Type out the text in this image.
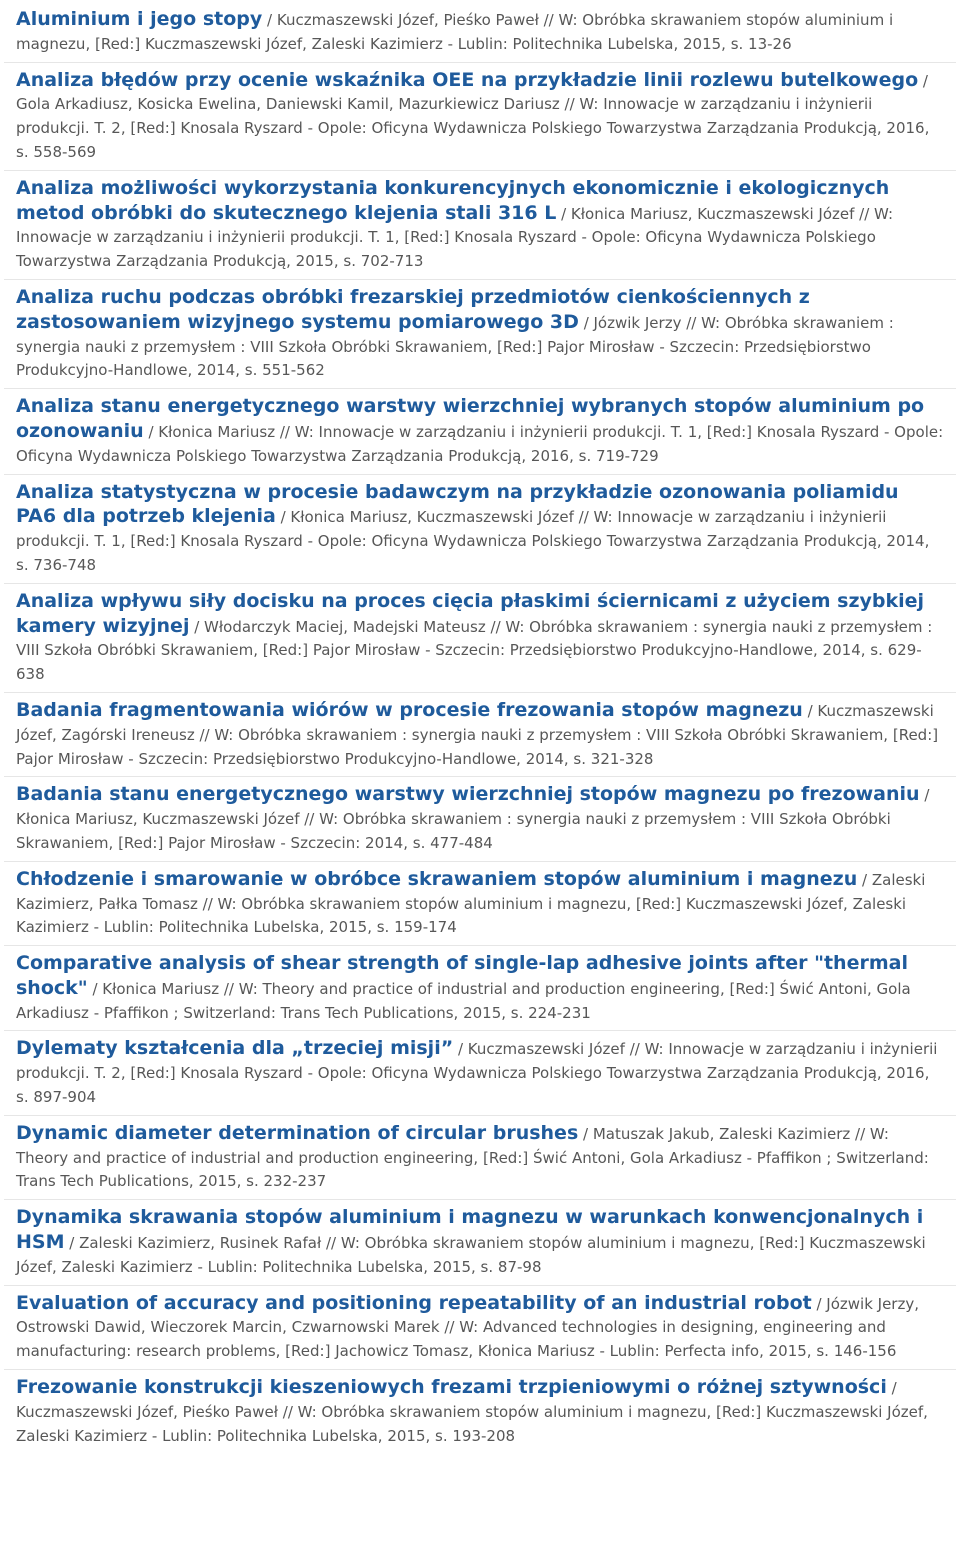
Aluminium i jego stopy / Kuczmaszewski Józef, Pieśko Paweł // W: Obróbka skrawaniem stopów aluminium i magnezu, [Red:] Kuczmaszewski Józef, Zaleski Kazimierz - Lublin: Politechnika Lubelska, 2015, s. 13-26
Analiza błędów przy ocenie wskaźnika OEE na przykładzie linii rozlewu butelkowego / Gola Arkadiusz, Kosicka Ewelina, Daniewski Kamil, Mazurkiewicz Dariusz // W: Innowacje w zarządzaniu i inżynierii produkcji. T. 2, [Red:] Knosala Ryszard - Opole: Oficyna Wydawnicza Polskiego Towarzystwa Zarządzania Produkcją, 2016, s. 558-569
Analiza możliwości wykorzystania konkurencyjnych ekonomicznie i ekologicznych metod obróbki do skutecznego klejenia stali 316 L / Kłonica Mariusz, Kuczmaszewski Józef // W: Innowacje w zarządzaniu i inżynierii produkcji. T. 1, [Red:] Knosala Ryszard - Opole: Oficyna Wydawnicza Polskiego Towarzystwa Zarządzania Produkcją, 2015, s. 702-713
Analiza ruchu podczas obróbki frezarskiej przedmiotów cienkościennych z zastosowaniem wizyjnego systemu pomiarowego 3D / Józwik Jerzy // W: Obróbka skrawaniem : synergia nauki z przemysłem : VIII Szkoła Obróbki Skrawaniem, [Red:] Pajor Mirosław - Szczecin: Przedsiębiorstwo Produkcyjno-Handlowe, 2014, s. 551-562
Analiza stanu energetycznego warstwy wierzchniej wybranych stopów aluminium po ozonowaniu / Kłonica Mariusz // W: Innowacje w zarządzaniu i inżynierii produkcji. T. 1, [Red:] Knosala Ryszard - Opole: Oficyna Wydawnicza Polskiego Towarzystwa Zarządzania Produkcją, 2016, s. 719-729
Analiza statystyczna w procesie badawczym na przykładzie ozonowania poliamidu PA6 dla potrzeb klejenia / Kłonica Mariusz, Kuczmaszewski Józef // W: Innowacje w zarządzaniu i inżynierii produkcji. T. 1, [Red:] Knosala Ryszard - Opole: Oficyna Wydawnicza Polskiego Towarzystwa Zarządzania Produkcją, 2014, s. 736-748
Analiza wpływu siły docisku na proces cięcia płaskimi ściernicami z użyciem szybkiej kamery wizyjnej / Włodarczyk Maciej, Madejski Mateusz // W: Obróbka skrawaniem : synergia nauki z przemysłem : VIII Szkoła Obróbki Skrawaniem, [Red:] Pajor Mirosław - Szczecin: Przedsiębiorstwo Produkcyjno-Handlowe, 2014, s. 629-638
Badania fragmentowania wiórów w procesie frezowania stopów magnezu / Kuczmaszewski Józef, Zagórski Ireneusz // W: Obróbka skrawaniem : synergia nauki z przemysłem : VIII Szkoła Obróbki Skrawaniem, [Red:] Pajor Mirosław - Szczecin: Przedsiębiorstwo Produkcyjno-Handlowe, 2014, s. 321-328
Badania stanu energetycznego warstwy wierzchniej stopów magnezu po frezowaniu / Kłonica Mariusz, Kuczmaszewski Józef // W: Obróbka skrawaniem : synergia nauki z przemysłem : VIII Szkoła Obróbki Skrawaniem, [Red:] Pajor Mirosław - Szczecin: 2014, s. 477-484
Chłodzenie i smarowanie w obróbce skrawaniem stopów aluminium i magnezu / Zaleski Kazimierz, Pałka Tomasz // W: Obróbka skrawaniem stopów aluminium i magnezu, [Red:] Kuczmaszewski Józef, Zaleski Kazimierz - Lublin: Politechnika Lubelska, 2015, s. 159-174
Comparative analysis of shear strength of single-lap adhesive joints after "thermal shock" / Kłonica Mariusz // W: Theory and practice of industrial and production engineering, [Red:] Świć Antoni, Gola Arkadiusz - Pfaffikon ; Switzerland: Trans Tech Publications, 2015, s. 224-231
Dylematy kształcenia dla „trzeciej misji” / Kuczmaszewski Józef // W: Innowacje w zarządzaniu i inżynierii produkcji. T. 2, [Red:] Knosala Ryszard - Opole: Oficyna Wydawnicza Polskiego Towarzystwa Zarządzania Produkcją, 2016, s. 897-904
Dynamic diameter determination of circular brushes / Matuszak Jakub, Zaleski Kazimierz // W: Theory and practice of industrial and production engineering, [Red:] Świć Antoni, Gola Arkadiusz - Pfaffikon ; Switzerland: Trans Tech Publications, 2015, s. 232-237
Dynamika skrawania stopów aluminium i magnezu w warunkach konwencjonalnych i HSM / Zaleski Kazimierz, Rusinek Rafał // W: Obróbka skrawaniem stopów aluminium i magnezu, [Red:] Kuczmaszewski Józef, Zaleski Kazimierz - Lublin: Politechnika Lubelska, 2015, s. 87-98
Evaluation of accuracy and positioning repeatability of an industrial robot / Józwik Jerzy, Ostrowski Dawid, Wieczorek Marcin, Czwarnowski Marek // W: Advanced technologies in designing, engineering and manufacturing: research problems, [Red:] Jachowicz Tomasz, Kłonica Mariusz - Lublin: Perfecta info, 2015, s. 146-156
Frezowanie konstrukcji kieszeniowych frezami trzpieniowymi o różnej sztywności / Kuczmaszewski Józef, Pieśko Paweł // W: Obróbka skrawaniem stopów aluminium i magnezu, [Red:] Kuczmaszewski Józef, Zaleski Kazimierz - Lublin: Politechnika Lubelska, 2015, s. 193-208
